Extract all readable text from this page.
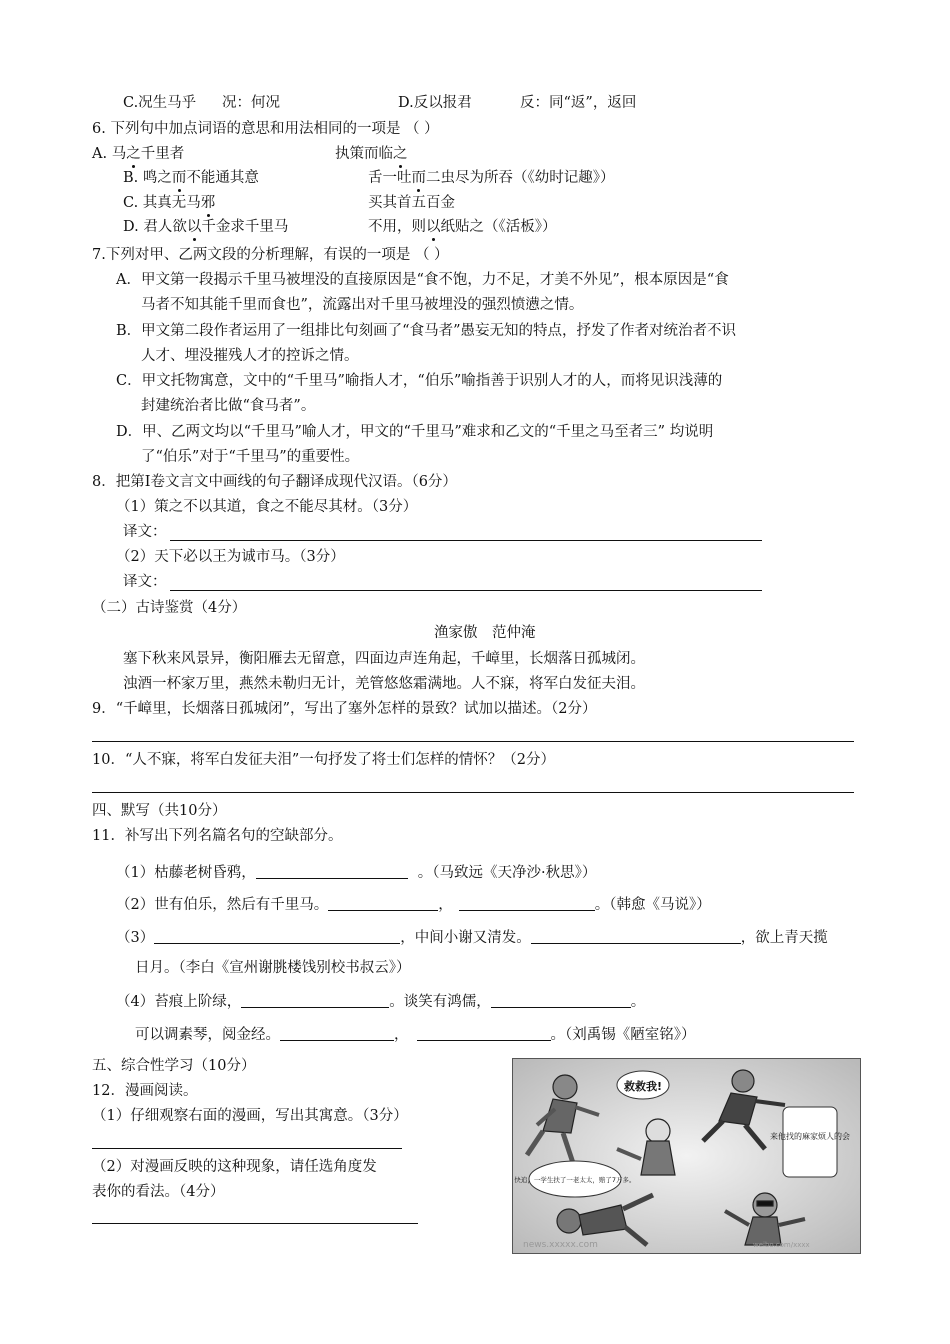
C.况生马乎 况：何况	D.反以报君	反：同“返”，返回
6. 下列句中加点词语的意思和用法相同的一项是 （ ）
A. 马之千里者	执策而临之
B. 鸣之而不能通其意	舌一吐而二虫尽为所吞（《幼时记趣》）
C. 其真无马邪	买其首五百金
D. 君人欲以千金求千里马	不用，则以纸贴之（《活板》）
7.下列对甲、乙两文段的分析理解，有误的一项是 （ ）
A．甲文第一段揭示千里马被埋没的直接原因是“食不饱，力不足，才美不外见”，根本原因是“食
马者不知其能千里而食也”，流露出对千里马被埋没的强烈愤懑之情。
B．甲文第二段作者运用了一组排比句刻画了“食马者”愚妄无知的特点，抒发了作者对统治者不识
人才、埋没摧残人才的控诉之情。
C．甲文托物寓意，文中的“千里马”喻指人才，“伯乐”喻指善于识别人才的人，而将见识浅薄的
封建统治者比做“食马者”。
D．甲、乙两文均以“千里马”喻人才，甲文的“千里马”难求和乙文的“千里之马至者三” 均说明
了“伯乐”对于“千里马”的重要性。
8．把第Ⅰ卷文言文中画线的句子翻译成现代汉语。（6分）
（1）策之不以其道，食之不能尽其材。（3分）
译文：
（2）天下必以王为诚市马。（3分）
译文：
（二）古诗鉴赏（4分）
渔家傲　范仲淹
塞下秋来风景异，衡阳雁去无留意，四面边声连角起，千嶂里，长烟落日孤城闭。
浊酒一杯家万里，燕然未勒归无计，羌管悠悠霜满地。人不寐，将军白发征夫泪。
9．“千嶂里，长烟落日孤城闭”，写出了塞外怎样的景致？试加以描述。（2分）
10．“人不寐，将军白发征夫泪”一句抒发了将士们怎样的情怀？（2分）
四、默写（共10分）
11．补写出下列名篇名句的空缺部分。
（1）枯藤老树昏鸦，	。（马致远《天净沙·秋思》）
（2）世有伯乐，然后有千里马。	，	。（韩愈《马说》）
（3）	，中间小谢又清发。	，欲上青天揽
日月。（李白《宣州谢朓楼饯别校书叔云》）
（4）苔痕上阶绿，	。谈笑有鸿儒，	。
可以调素琴，阅金经。	，	。（刘禹锡《陋室铭》）
五、综合性学习（10分）
12．漫画阅读。
（1）仔细观察右面的漫画，写出其寓意。（3分）
（2）对漫画反映的这种现象，请任选角度发
表你的看法。（4分）
救救我!
来他找的麻家烦人的会
快追，一学生扶了一老太太，赔了7万多。
news.xxxxx.com	weibo.com/xxxx
